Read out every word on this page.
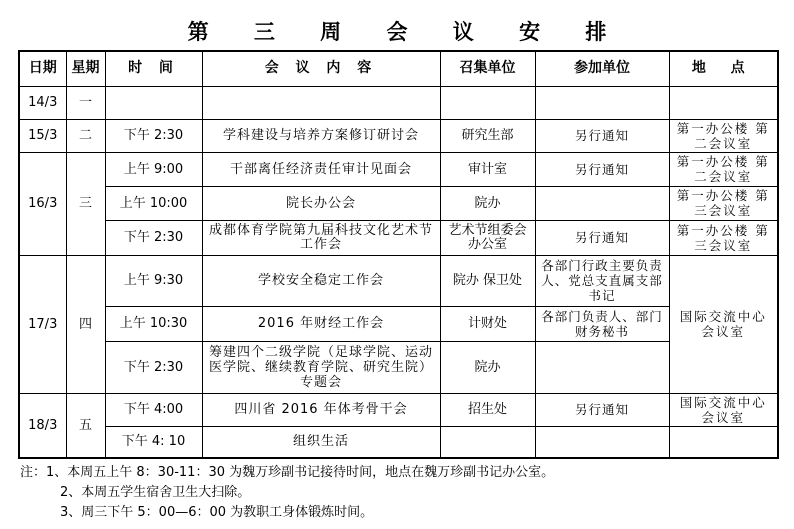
第 三 周 会 议 安 排
日期	星期	时 间	会 议 内 容	召集单位	参加单位	地 点
14/3	一					
15/3	二	下午 2:30	学科建设与培养方案修订研讨会	研究生部	另行通知	第一办公楼 第二会议室
16/3	三	上午 9:00	干部离任经济责任审计见面会	审计室	另行通知	第一办公楼 第二会议室
		上午 10:00	院长办公会	院办		第一办公楼 第三会议室
		下午 2:30	成都体育学院第九届科技文化艺术节工作会	艺术节组委会办公室	另行通知	第一办公楼 第三会议室
17/3	四	上午 9:30	学校安全稳定工作会	院办 保卫处	各部门行政主要负责人、党总支直属支部书记	国际交流中心 会议室
		上午 10:30	2016 年财经工作会	计财处	各部门负责人、部门财务秘书	
		下午 2:30	筹建四个二级学院（足球学院、运动医学院、继续教育学院、研究生院）专题会	院办		
18/3	五	下午 4:00	四川省 2016 年体考骨干会	招生处	另行通知	国际交流中心 会议室
		下午 4: 10	组织生活			
注：1、本周五上午 8：30-11：30 为魏万珍副书记接待时间，地点在魏万珍副书记办公室。
2、本周五学生宿舍卫生大扫除。
3、周三下午 5：00—6：00 为教职工身体锻炼时间。
